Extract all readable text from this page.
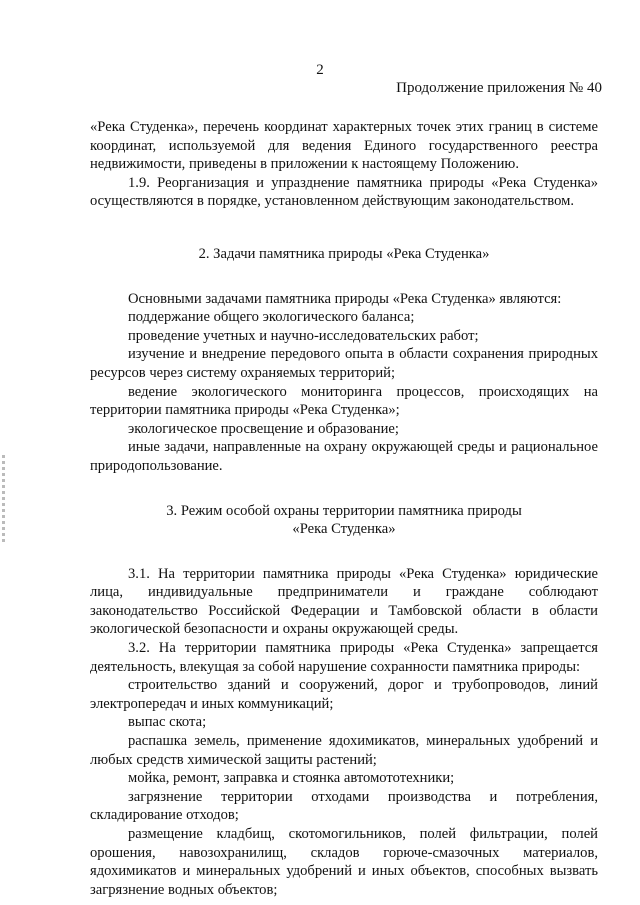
2
Продолжение приложения № 40

«Река Студенка», перечень координат характерных точек этих границ в системе координат, используемой для ведения Единого государственного реестра недвижимости, приведены в приложении к настоящему Положению.

1.9. Реорганизация и упразднение памятника природы «Река Студенка» осуществляются в порядке, установленном действующим законодательством.

2. Задачи памятника природы «Река Студенка»

Основными задачами памятника природы «Река Студенка» являются:

поддержание общего экологического баланса;

проведение учетных и научно-исследовательских работ;

изучение и внедрение передового опыта в области сохранения природных ресурсов через систему охраняемых территорий;

ведение экологического мониторинга процессов, происходящих на территории памятника природы «Река Студенка»;

экологическое просвещение и образование;

иные задачи, направленные на охрану окружающей среды и рациональное природопользование.

3. Режим особой охраны территории памятника природы

«Река Студенка»

3.1. На территории памятника природы «Река Студенка» юридические лица, индивидуальные предприниматели и граждане соблюдают законодательство Российской Федерации и Тамбовской области в области экологической безопасности и охраны окружающей среды.

3.2. На территории памятника природы «Река Студенка» запрещается деятельность, влекущая за собой нарушение сохранности памятника природы:

строительство зданий и сооружений, дорог и трубопроводов, линий электропередач и иных коммуникаций;

выпас скота;

распашка земель, применение ядохимикатов, минеральных удобрений и любых средств химической защиты растений;

мойка, ремонт, заправка и стоянка автомототехники;

загрязнение территории отходами производства и потребления, складирование отходов;

размещение кладбищ, скотомогильников, полей фильтрации, полей орошения, навозохранилищ, складов горюче-смазочных материалов, ядохимикатов и минеральных удобрений и иных объектов, способных вызвать загрязнение водных объектов;
